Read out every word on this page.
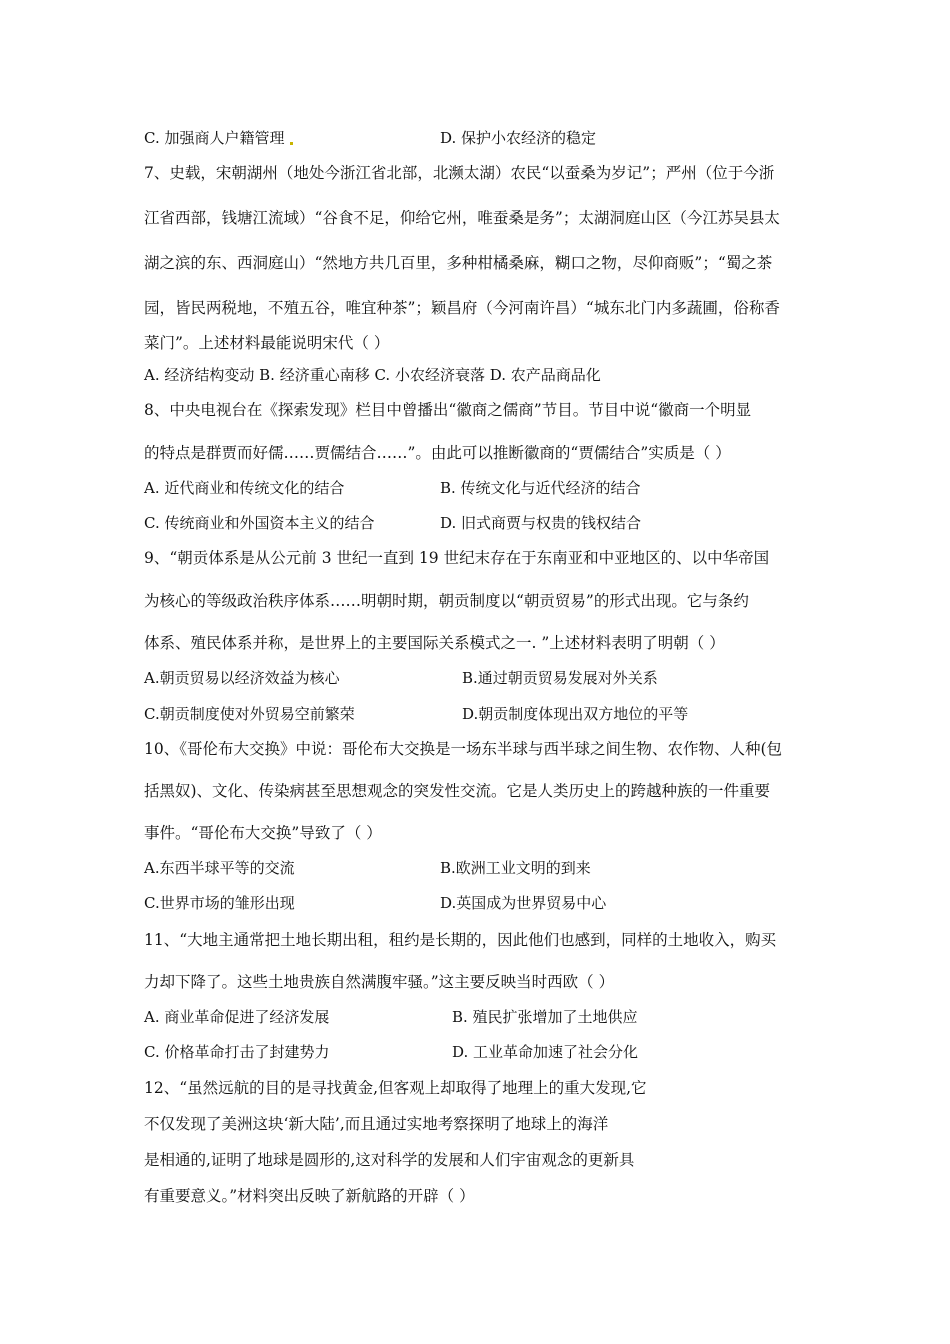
C. 加强商人户籍管理	D. 保护小农经济的稳定
7、史载，宋朝湖州（地处今浙江省北部，北濒太湖）农民“以蚕桑为岁记”；严州（位于今浙
江省西部，钱塘江流域）“谷食不足，仰给它州，唯蚕桑是务”；太湖洞庭山区（今江苏吴县太
湖之滨的东、西洞庭山）“然地方共几百里，多种柑橘桑麻，糊口之物，尽仰商贩”；“蜀之茶
园，皆民两税地，不殖五谷，唯宜种茶”；颖昌府（今河南许昌）“城东北门内多蔬圃，俗称香
菜门”。上述材料最能说明宋代（ ）
A. 经济结构变动 B. 经济重心南移 C. 小农经济衰落 D. 农产品商品化
8、中央电视台在《探索发现》栏目中曾播出“徽商之儒商”节目。节目中说“徽商一个明显
的特点是群贾而好儒……贾儒结合……”。由此可以推断徽商的“贾儒结合”实质是（ ）
A. 近代商业和传统文化的结合	B. 传统文化与近代经济的结合
C. 传统商业和外国资本主义的结合	D. 旧式商贾与权贵的钱权结合
9、“朝贡体系是从公元前 3 世纪一直到 19 世纪末存在于东南亚和中亚地区的、以中华帝国
为核心的等级政治秩序体系……明朝时期，朝贡制度以“朝贡贸易”的形式出现。它与条约
体系、殖民体系并称，是世界上的主要国际关系模式之一. ”上述材料表明了明朝（ ）
A.朝贡贸易以经济效益为核心	B.通过朝贡贸易发展对外关系
C.朝贡制度使对外贸易空前繁荣	D.朝贡制度体现出双方地位的平等
10、《哥伦布大交换》中说：哥伦布大交换是一场东半球与西半球之间生物、农作物、人种(包
括黑奴)、文化、传染病甚至思想观念的突发性交流。它是人类历史上的跨越种族的一件重要
事件。“哥伦布大交换”导致了（ ）
A.东西半球平等的交流	B.欧洲工业文明的到来
C.世界市场的雏形出现	D.英国成为世界贸易中心
11、“大地主通常把土地长期出租，租约是长期的，因此他们也感到，同样的土地收入，购买
力却下降了。这些土地贵族自然满腹牢骚。”这主要反映当时西欧（ ）
A. 商业革命促进了经济发展	B. 殖民扩张增加了土地供应
C. 价格革命打击了封建势力	D. 工业革命加速了社会分化
12、“虽然远航的目的是寻找黄金,但客观上却取得了地理上的重大发现,它
不仅发现了美洲这块‘新大陆’,而且通过实地考察探明了地球上的海洋
是相通的,证明了地球是圆形的,这对科学的发展和人们宇宙观念的更新具
有重要意义。”材料突出反映了新航路的开辟（ ）
